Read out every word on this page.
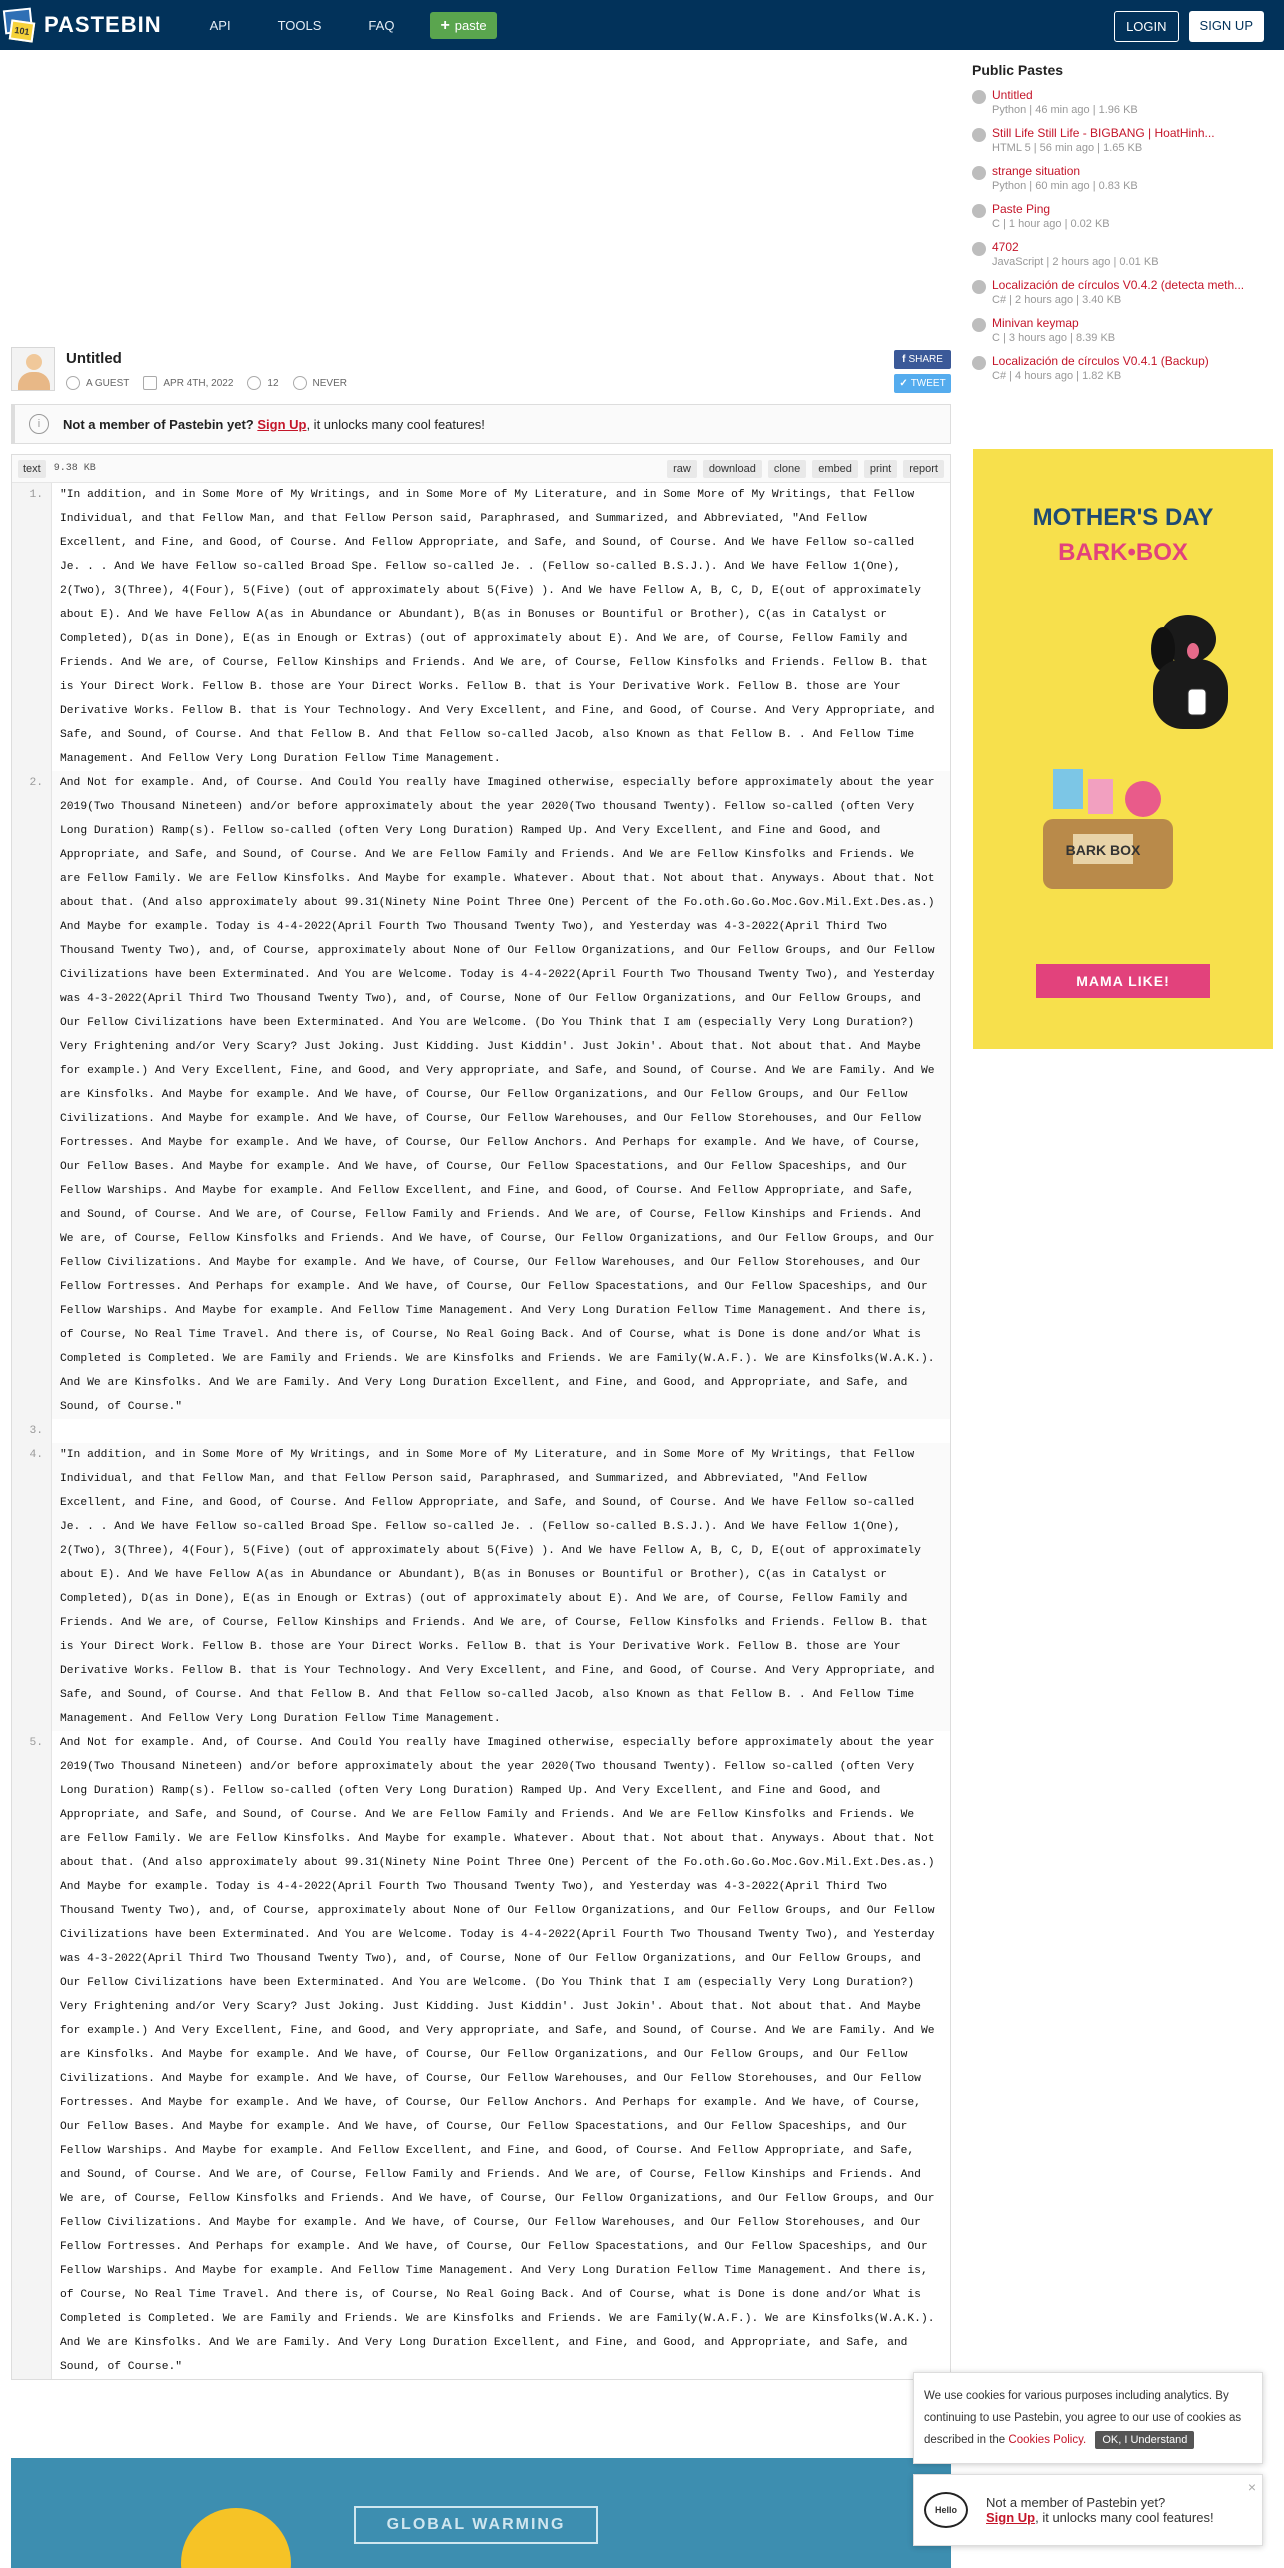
101 PASTEBIN	API	TOOLS	FAQ	+ paste	LOGIN	SIGN UP
Untitled
A GUEST	APR 4TH, 2022	12	NEVER
f SHARE
✓ TWEET
i	Not a member of Pastebin yet? Sign Up , it unlocks many cool features!
text	9.38 KB	raw	download	clone	embed	print	report
1.	"In addition, and in Some More of My Writings, and in Some More of My Literature, and in Some More of My Writings, that Fellow Individual, and that Fellow Man, and that Fellow Person said, Paraphrased, and Summarized, and Abbreviated, "And Fellow Excellent, and Fine, and Good, of Course. And Fellow Appropriate, and Safe, and Sound, of Course. And We have Fellow so-called Je. . . And We have Fellow so-called Broad Spe. Fellow so-called Je. . (Fellow so-called B.S.J.). And We have Fellow 1(One), 2(Two), 3(Three), 4(Four), 5(Five) (out of approximately about 5(Five) ). And We have Fellow A, B, C, D, E(out of approximately about E). And We have Fellow A(as in Abundance or Abundant), B(as in Bonuses or Bountiful or Brother), C(as in Catalyst or Completed), D(as in Done), E(as in Enough or Extras) (out of approximately about E). And We are, of Course, Fellow Family and Friends. And We are, of Course, Fellow Kinships and Friends. And We are, of Course, Fellow Kinsfolks and Friends. Fellow B. that is Your Direct Work. Fellow B. those are Your Direct Works. Fellow B. that is Your Derivative Work. Fellow B. those are Your Derivative Works. Fellow B. that is Your Technology. And Very Excellent, and Fine, and Good, of Course. And Very Appropriate, and Safe, and Sound, of Course. And that Fellow B. And that Fellow so-called Jacob, also Known as that Fellow B. . And Fellow Time Management. And Fellow Very Long Duration Fellow Time Management.
2.	And Not for example. And, of Course. And Could You really have Imagined otherwise, especially before approximately about the year 2019(Two Thousand Nineteen) and/or before approximately about the year 2020(Two thousand Twenty). Fellow so-called (often Very Long Duration) Ramp(s). Fellow so-called (often Very Long Duration) Ramped Up. And Very Excellent, and Fine and Good, and Appropriate, and Safe, and Sound, of Course. And We are Fellow Family and Friends. And We are Fellow Kinsfolks and Friends. We are Fellow Family. We are Fellow Kinsfolks. And Maybe for example. Whatever. About that. Not about that. Anyways. About that. Not about that. (And also approximately about 99.31(Ninety Nine Point Three One) Percent of the Fo.oth.Go.Go.Moc.Gov.Mil.Ext.Des.as.) And Maybe for example. Today is 4-4-2022(April Fourth Two Thousand Twenty Two), and Yesterday was 4-3-2022(April Third Two Thousand Twenty Two), and, of Course, approximately about None of Our Fellow Organizations, and Our Fellow Groups, and Our Fellow Civilizations have been Exterminated. And You are Welcome. Today is 4-4-2022(April Fourth Two Thousand Twenty Two), and Yesterday was 4-3-2022(April Third Two Thousand Twenty Two), and, of Course, None of Our Fellow Organizations, and Our Fellow Groups, and Our Fellow Civilizations have been Exterminated. And You are Welcome. (Do You Think that I am (especially Very Long Duration?) Very Frightening and/or Very Scary? Just Joking. Just Kidding. Just Kiddin'. Just Jokin'. About that. Not about that. And Maybe for example.) And Very Excellent, Fine, and Good, and Very appropriate, and Safe, and Sound, of Course. And We are Family. And We are Kinsfolks. And Maybe for example. And We have, of Course, Our Fellow Organizations, and Our Fellow Groups, and Our Fellow Civilizations. And Maybe for example. And We have, of Course, Our Fellow Warehouses, and Our Fellow Storehouses, and Our Fellow Fortresses. And Maybe for example. And We have, of Course, Our Fellow Anchors. And Perhaps for example. And We have, of Course, Our Fellow Bases. And Maybe for example. And We have, of Course, Our Fellow Spacestations, and Our Fellow Spaceships, and Our Fellow Warships. And Maybe for example. And Fellow Excellent, and Fine, and Good, of Course. And Fellow Appropriate, and Safe, and Sound, of Course. And We are, of Course, Fellow Family and Friends. And We are, of Course, Fellow Kinships and Friends. And We are, of Course, Fellow Kinsfolks and Friends. And We have, of Course, Our Fellow Organizations, and Our Fellow Groups, and Our Fellow Civilizations. And Maybe for example. And We have, of Course, Our Fellow Warehouses, and Our Fellow Storehouses, and Our Fellow Fortresses. And Perhaps for example. And We have, of Course, Our Fellow Spacestations, and Our Fellow Spaceships, and Our Fellow Warships. And Maybe for example. And Fellow Time Management. And Very Long Duration Fellow Time Management. And there is, of Course, No Real Time Travel. And there is, of Course, No Real Going Back. And of Course, what is Done is done and/or What is Completed is Completed. We are Family and Friends. We are Kinsfolks and Friends. We are Family(W.A.F.). We are Kinsfolks(W.A.K.). And We are Kinsfolks. And We are Family. And Very Long Duration Excellent, and Fine, and Good, and Appropriate, and Safe, and Sound, of Course."
3.
4.	"In addition, and in Some More of My Writings, and in Some More of My Literature, and in Some More of My Writings, that Fellow Individual, and that Fellow Man, and that Fellow Person said, Paraphrased, and Summarized, and Abbreviated, "And Fellow Excellent, and Fine, and Good, of Course. And Fellow Appropriate, and Safe, and Sound, of Course. And We have Fellow so-called Je. . . And We have Fellow so-called Broad Spe. Fellow so-called Je. . (Fellow so-called B.S.J.). And We have Fellow 1(One), 2(Two), 3(Three), 4(Four), 5(Five) (out of approximately about 5(Five) ). And We have Fellow A, B, C, D, E(out of approximately about E). And We have Fellow A(as in Abundance or Abundant), B(as in Bonuses or Bountiful or Brother), C(as in Catalyst or Completed), D(as in Done), E(as in Enough or Extras) (out of approximately about E). And We are, of Course, Fellow Family and Friends. And We are, of Course, Fellow Kinships and Friends. And We are, of Course, Fellow Kinsfolks and Friends. Fellow B. that is Your Direct Work. Fellow B. those are Your Direct Works. Fellow B. that is Your Derivative Work. Fellow B. those are Your Derivative Works. Fellow B. that is Your Technology. And Very Excellent, and Fine, and Good, of Course. And Very Appropriate, and Safe, and Sound, of Course. And that Fellow B. And that Fellow so-called Jacob, also Known as that Fellow B. . And Fellow Time Management. And Fellow Very Long Duration Fellow Time Management.
5.	And Not for example. And, of Course. And Could You really have Imagined otherwise, especially before approximately about the year 2019(Two Thousand Nineteen) and/or before approximately about the year 2020(Two thousand Twenty). Fellow so-called (often Very Long Duration) Ramp(s). Fellow so-called (often Very Long Duration) Ramped Up. And Very Excellent, and Fine and Good, and Appropriate, and Safe, and Sound, of Course. And We are Fellow Family and Friends. And We are Fellow Kinsfolks and Friends. We are Fellow Family. We are Fellow Kinsfolks. And Maybe for example. Whatever. About that. Not about that. Anyways. About that. Not about that. (And also approximately about 99.31(Ninety Nine Point Three One) Percent of the Fo.oth.Go.Go.Moc.Gov.Mil.Ext.Des.as.) And Maybe for example. Today is 4-4-2022(April Fourth Two Thousand Twenty Two), and Yesterday was 4-3-2022(April Third Two Thousand Twenty Two), and, of Course, approximately about None of Our Fellow Organizations, and Our Fellow Groups, and Our Fellow Civilizations have been Exterminated. And You are Welcome. Today is 4-4-2022(April Fourth Two Thousand Twenty Two), and Yesterday was 4-3-2022(April Third Two Thousand Twenty Two), and, of Course, None of Our Fellow Organizations, and Our Fellow Groups, and Our Fellow Civilizations have been Exterminated. And You are Welcome. (Do You Think that I am (especially Very Long Duration?) Very Frightening and/or Very Scary? Just Joking. Just Kidding. Just Kiddin'. Just Jokin'. About that. Not about that. And Maybe for example.) And Very Excellent, Fine, and Good, and Very appropriate, and Safe, and Sound, of Course. And We are Family. And We are Kinsfolks. And Maybe for example. And We have, of Course, Our Fellow Organizations, and Our Fellow Groups, and Our Fellow Civilizations. And Maybe for example. And We have, of Course, Our Fellow Warehouses, and Our Fellow Storehouses, and Our Fellow Fortresses. And Maybe for example. And We have, of Course, Our Fellow Anchors. And Perhaps for example. And We have, of Course, Our Fellow Bases. And Maybe for example. And We have, of Course, Our Fellow Spacestations, and Our Fellow Spaceships, and Our Fellow Warships. And Maybe for example. And Fellow Excellent, and Fine, and Good, of Course. And Fellow Appropriate, and Safe, and Sound, of Course. And We are, of Course, Fellow Family and Friends. And We are, of Course, Fellow Kinships and Friends. And We are, of Course, Fellow Kinsfolks and Friends. And We have, of Course, Our Fellow Organizations, and Our Fellow Groups, and Our Fellow Civilizations. And Maybe for example. And We have, of Course, Our Fellow Warehouses, and Our Fellow Storehouses, and Our Fellow Fortresses. And Perhaps for example. And We have, of Course, Our Fellow Spacestations, and Our Fellow Spaceships, and Our Fellow Warships. And Maybe for example. And Fellow Time Management. And Very Long Duration Fellow Time Management. And there is, of Course, No Real Time Travel. And there is, of Course, No Real Going Back. And of Course, what is Done is done and/or What is Completed is Completed. We are Family and Friends. We are Kinsfolks and Friends. We are Family(W.A.F.). We are Kinsfolks(W.A.K.). And We are Kinsfolks. And We are Family. And Very Long Duration Excellent, and Fine, and Good, and Appropriate, and Safe, and Sound, of Course."
Public Pastes
Untitled
Python | 46 min ago | 1.96 KB
Still Life Still Life - BIGBANG | HoatHinh...
HTML 5 | 56 min ago | 1.65 KB
strange situation
Python | 60 min ago | 0.83 KB
Paste Ping
C | 1 hour ago | 0.02 KB
4702
JavaScript | 2 hours ago | 0.01 KB
Localización de círculos V0.4.2 (detecta meth...
C# | 2 hours ago | 3.40 KB
Minivan keymap
C | 3 hours ago | 8.39 KB
Localización de círculos V0.4.1 (Backup)
C# | 4 hours ago | 1.82 KB
MOTHER'S DAY
BARK•BOX
BARK BOX
MAMA LIKE!
GLOBAL WARMING
We use cookies for various purposes including analytics. By continuing to use Pastebin, you agree to our use of cookies as described in the Cookies Policy. OK, I Understand
×
Hello	Not a member of Pastebin yet?
Sign Up, it unlocks many cool features!
